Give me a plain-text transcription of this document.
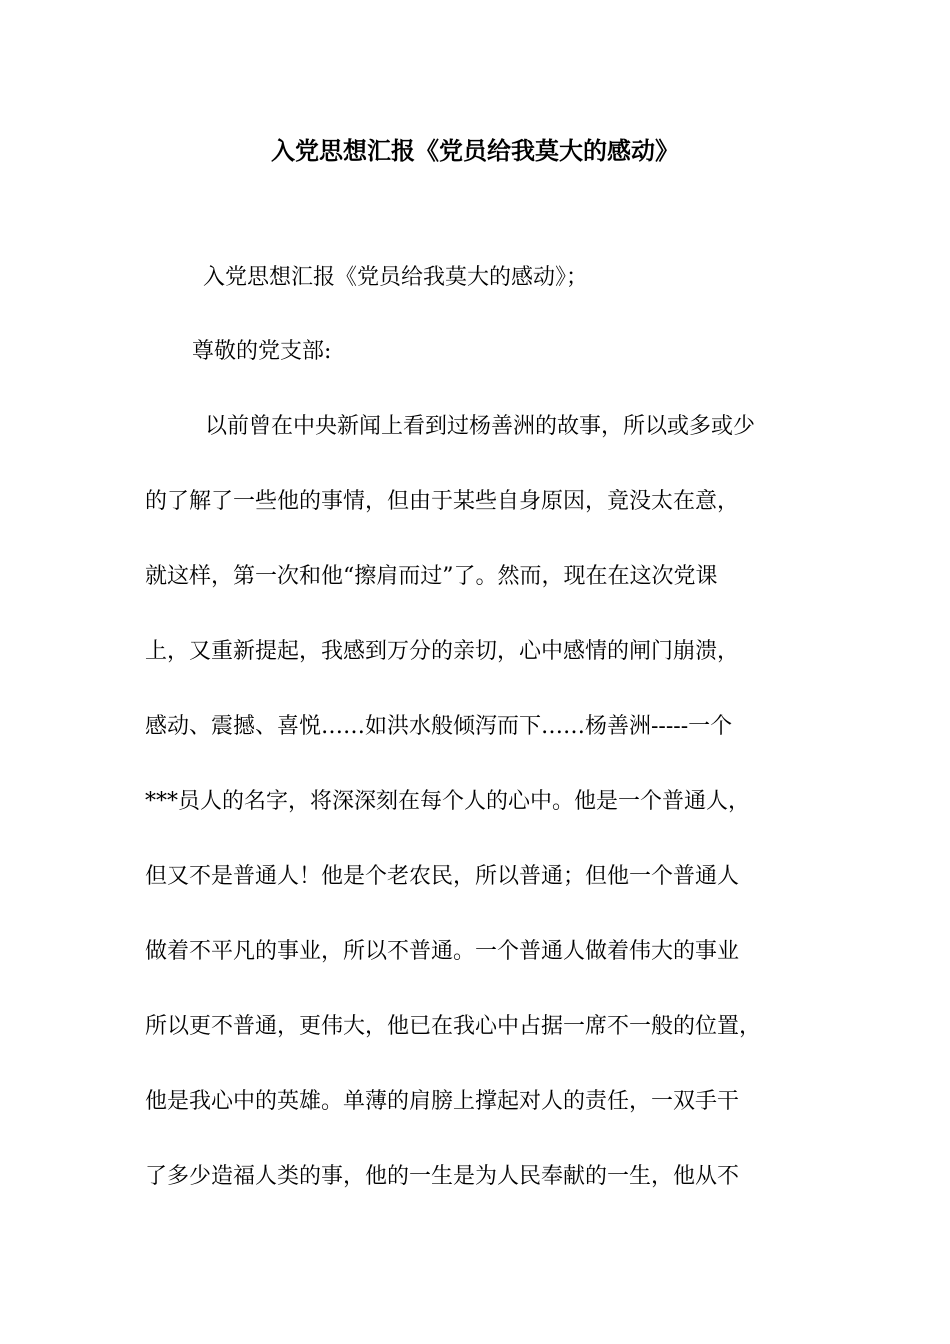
入党思想汇报《党员给我莫大的感动》

入党思想汇报《党员给我莫大的感动》；

尊敬的党支部:

以前曾在中央新闻上看到过杨善洲的故事，所以或多或少

的了解了一些他的事情，但由于某些自身原因，竟没太在意，

就这样，第一次和他“擦肩而过”了。然而，现在在这次党课

上，又重新提起，我感到万分的亲切，心中感情的闸门崩溃，

感动、震撼、喜悦……如洪水般倾泻而下……杨善洲-----一个

***员人的名字，将深深刻在每个人的心中。他是一个普通人，

但又不是普通人！他是个老农民，所以普通；但他一个普通人

做着不平凡的事业，所以不普通。一个普通人做着伟大的事业

所以更不普通，更伟大，他已在我心中占据一席不一般的位置，

他是我心中的英雄。单薄的肩膀上撑起对人的责任，一双手干

了多少造福人类的事，他的一生是为人民奉献的一生，他从不
